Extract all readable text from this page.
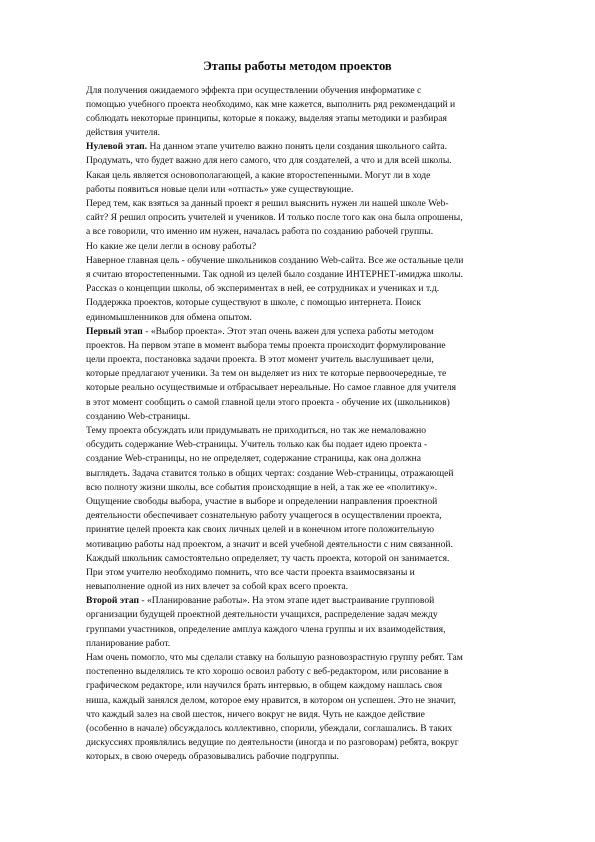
Этапы работы методом проектов
Для получения ожидаемого эффекта при осуществлении обучения информатике с
помощью учебного проекта необходимо, как мне кажется, выполнить ряд рекомендаций и
соблюдать некоторые принципы, которые я покажу, выделяя этапы методики и разбирая
действия учителя.
Нулевой этап. На данном этапе учителю важно понять цели создания школьного сайта.
Продумать, что будет важно для него самого, что для создателей, а что и для всей школы.
Какая цель является основополагающей, а какие второстепенными. Могут ли в ходе
работы появиться новые цели или «отпасть» уже существующие.
Перед тем, как взяться за данный проект я решил выяснить нужен ли нашей школе Web-
сайт? Я решил опросить учителей и учеников. И только после того как она была опрошены,
а все говорили, что именно им нужен, началась работа по созданию рабочей группы.
Но какие же цели легли в основу работы?
Наверное главная цель - обучение школьников созданию Web-сайта. Все же остальные цели
я считаю второстепенными. Так одной из целей было создание ИНТЕРНЕТ-имиджа школы.
Рассказ о концепции школы, об экспериментах в ней, ее сотрудниках и учениках и т.д.
Поддержка проектов, которые существуют в школе, с помощью интернета. Поиск
единомышленников для обмена опытом.
Первый этап - «Выбор проекта». Этот этап очень важен для успеха работы методом
проектов. На первом этапе в момент выбора темы проекта происходит формулирование
цели проекта, постановка задачи проекта. В этот момент учитель выслушивает цели,
которые предлагают ученики. За тем он выделяет из них те которые первоочередные, те
которые реально осуществимые и отбрасывает нереальные. Но самое главное для учителя
в этот момент сообщить о самой главной цели этого проекта - обучение их (школьников)
созданию Web-страницы.
Тему проекта обсуждать или придумывать не приходиться, но так же немаловажно
обсудить содержание Web-страницы. Учитель только как бы подает идею проекта -
создание Web-страницы, но не определяет, содержание страницы, как она должна
выглядеть. Задача ставится только в общих чертах: создание Web-страницы, отражающей
всю полноту жизни школы, все события происходящие в ней, а так же ее «политику».
Ощущение свободы выбора, участие в выборе и определении направления проектной
деятельности обеспечивает сознательную работу учащегося в осуществлении проекта,
принятие целей проекта как своих личных целей и в конечном итоге положительную
мотивацию работы над проектом, а значит и всей учебной деятельности с ним связанной.
Каждый школьник самостоятельно определяет, ту часть проекта, которой он занимается.
При этом учителю необходимо помнить, что все части проекта взаимосвязаны и
невыполнение одной из них влечет за собой крах всего проекта.
Второй этап - «Планирование работы». На этом этапе идет выстраивание групповой
организации будущей проектной деятельности учащихся, распределение задач между
группами участников, определение амплуа каждого члена группы и их взаимодействия,
планирование работ.
Нам очень помогло, что мы сделали ставку на большую разновозрастную группу ребят. Там
постепенно выделялись те кто хорошо освоил работу с веб-редактором, или рисование в
графическом редакторе, или научился брать интервью, в общем каждому нашлась своя
ниша, каждый занялся делом, которое ему нравится, в котором он успешен. Это не значит,
что каждый залез на свой шесток, ничего вокруг не видя. Чуть не каждое действие
(особенно в начале) обсуждалось коллективно, спорили, убеждали, соглашались. В таких
дискуссиях проявлялись ведущие по деятельности (иногда и по разговорам) ребята, вокруг
которых, в свою очередь образовывались рабочие подгруппы.
